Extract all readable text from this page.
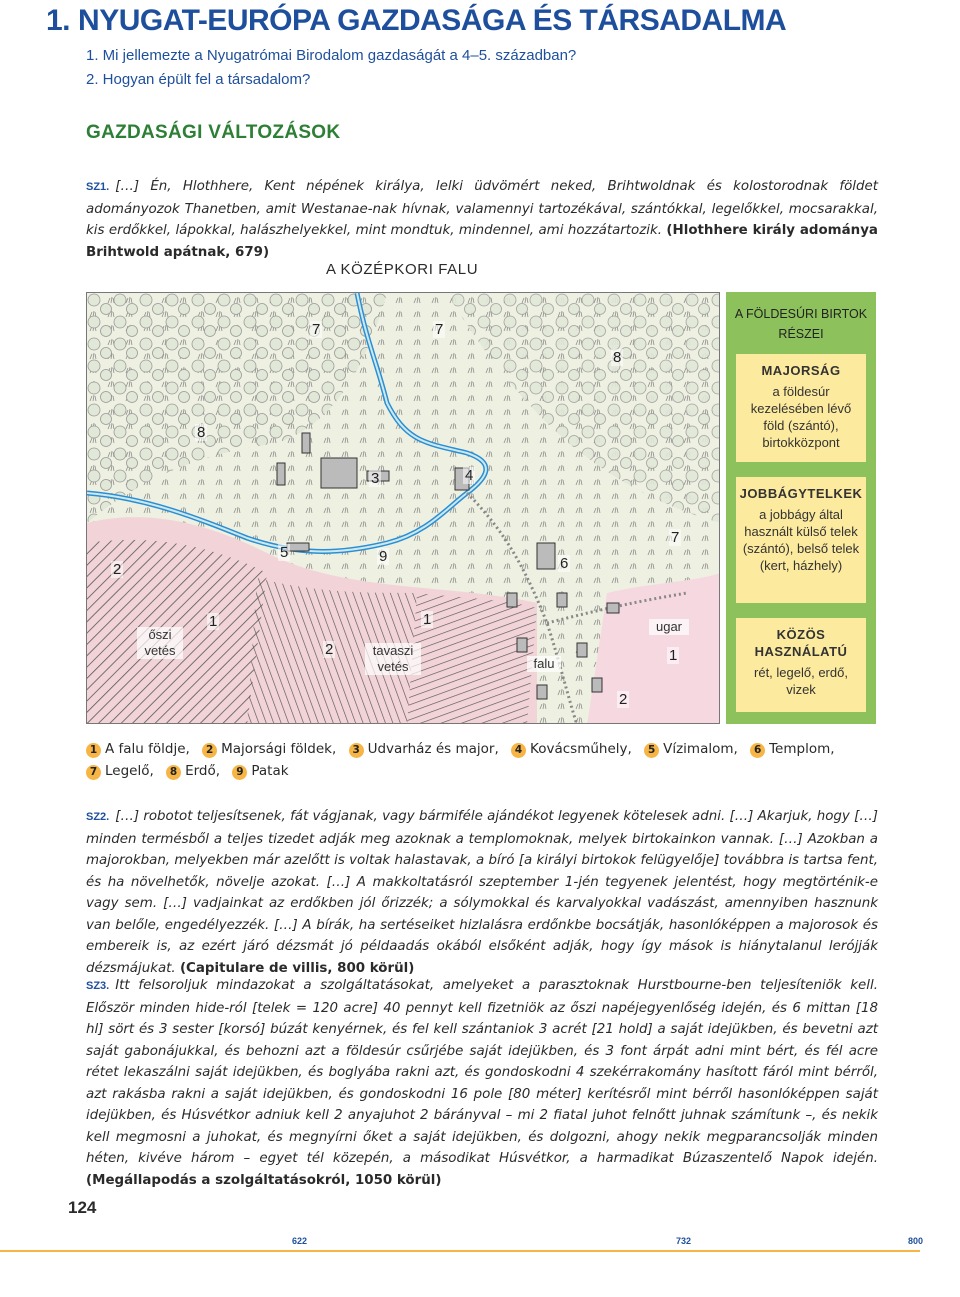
1. NYUGAT-EURÓPA GAZDASÁGA ÉS TÁRSADALMA
1. Mi jellemezte a Nyugatrómai Birodalom gazdaságát a 4–5. században?
2. Hogyan épült fel a társadalom?
GAZDASÁGI VÁLTOZÁSOK
SZ1. […] Én, Hlothhere, Kent népének királya, lelki üdvömért neked, Brihtwoldnak és kolostorodnak földet adományozok Thanetben, amit Westanae-nak hívnak, valamennyi tartozékával, szántókkal, legelőkkel, mocsarakkal, kis erdőkkel, lápokkal, halászhelyekkel, mint mondtuk, mindennel, ami hozzátartozik. (Hlothhere király adománya Brihtwold apátnak, 679)
A KÖZÉPKORI FALU
7	7
8
8
3	4
7
2
5	9	6
1
2
1
1
2
őszi vetés	tavaszi vetés	falu
ugar
A FÖLDESÚRI BIRTOK RÉSZEI
MAJORSÁG
a földesúr kezelésében lévő föld (szántó), birtokközpont
JOBBÁGYTELKEK
a jobbágy által használt külső telek (szántó), belső telek (kert, házhely)
KÖZÖS HASZNÁLATÚ
rét, legelő, erdő, vizek
1 A falu földje, 2 Majorsági földek, 3 Udvarház és major, 4 Kovácsműhely, 5 Vízimalom, 6 Templom,
7 Legelő, 8 Erdő, 9 Patak
SZ2. […] robotot teljesítsenek, fát vágjanak, vagy bármiféle ajándékot legyenek kötelesek adni. […] Akarjuk, hogy […] minden termésből a teljes tizedet adják meg azoknak a templomoknak, melyek birtokainkon vannak. […] Azokban a majorokban, melyekben már azelőtt is voltak halastavak, a bíró [a királyi birtokok felügyelője] továbbra is tartsa fent, és ha növelhetők, növelje azokat. […] A makkoltatásról szeptember 1-jén tegyenek jelentést, hogy megtörténik-e vagy sem. […] vadjainkat az erdőkben jól őrizzék; a sólymokkal és karvalyokkal vadászást, amennyiben hasznunk van belőle, engedélyezzék. […] A bírák, ha sertéseiket hizlalásra erdőnkbe bocsátják, hasonlóképpen a majorosok és embereik is, az ezért járó dézsmát jó példaadás okából elsőként adják, hogy így mások is hiánytalanul lerójják dézsmájukat. (Capitulare de villis, 800 körül)
SZ3. Itt felsoroljuk mindazokat a szolgáltatásokat, amelyeket a parasztoknak Hurstbourne-ben teljesíteniök kell. Először minden hide-ról [telek = 120 acre] 40 pennyt kell fizetniök az őszi napéjegyenlőség idején, és 6 mittan [18 hl] sört és 3 sester [korsó] búzát kenyérnek, és fel kell szántaniok 3 acrét [21 hold] a saját idejükben, és bevetni azt saját gabonájukkal, és behozni azt a földesúr csűrjébe saját idejükben, és 3 font árpát adni mint bért, és fél acre rétet lekaszálni saját idejükben, és boglyába rakni azt, és gondoskodni 4 szekérrakomány hasított fáról mint bérről, azt rakásba rakni a saját idejükben, és gondoskodni 16 pole [80 méter] kerítésről mint bérről hasonlóképpen saját idejükben, és Húsvétkor adniuk kell 2 anyajuhot 2 bárányval – mi 2 fiatal juhot felnőtt juhnak számítunk –, és nekik kell megmosni a juhokat, és megnyírni őket a saját idejükben, és dolgozni, ahogy nekik megparancsolják minden héten, kivéve három – egyet tél közepén, a másodikat Húsvétkor, a harmadikat Búzaszentelő Napok idején. (Megállapodás a szolgáltatásokról, 1050 körül)
124
622	732	800
